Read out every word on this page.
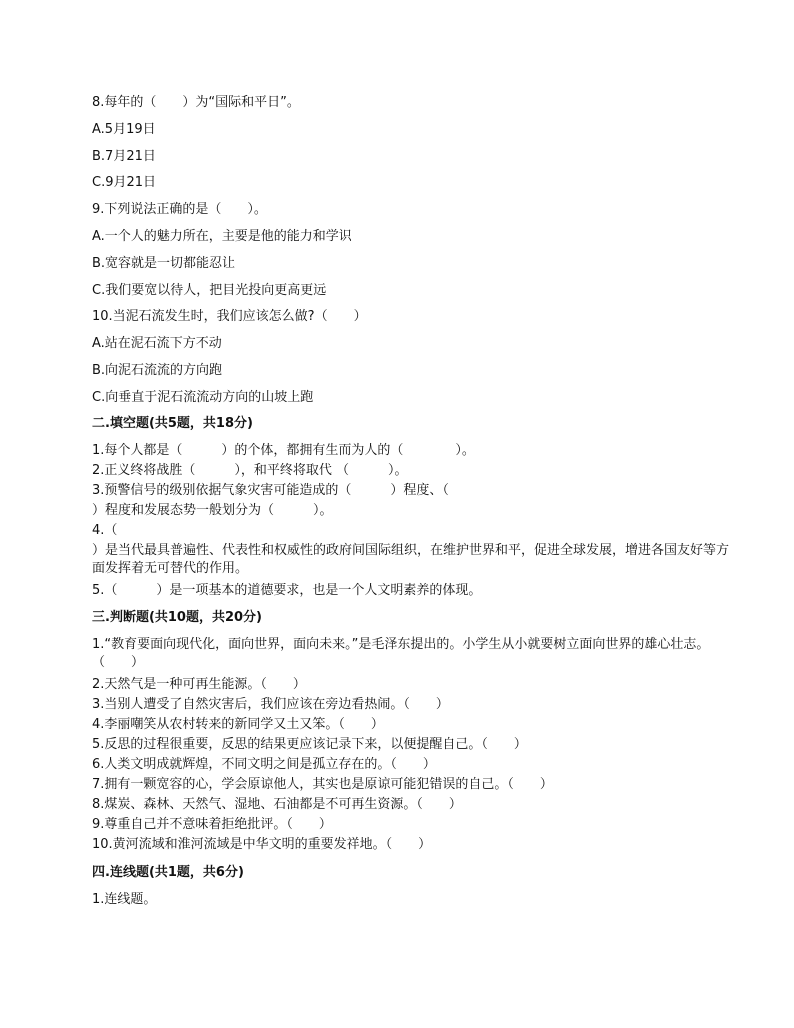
8.每年的（　　）为“国际和平日”。
A.5月19日
B.7月21日
C.9月21日
9.下列说法正确的是（　　）。
A.一个人的魅力所在，主要是他的能力和学识
B.宽容就是一切都能忍让
C.我们要宽以待人，把目光投向更高更远
10.当泥石流发生时，我们应该怎么做?（　　）
A.站在泥石流下方不动
B.向泥石流流的方向跑
C.向垂直于泥石流流动方向的山坡上跑
二.填空题(共5题，共18分)
1.每个人都是（　　　）的个体，都拥有生而为人的（　　　　）。
2.正义终将战胜（　　　），和平终将取代 （　　　）。
3.预警信号的级别依据气象灾害可能造成的（　　　）程度、（
）程度和发展态势一般划分为（　　　）。
4.（
）是当代最具普遍性、代表性和权威性的政府间国际组织，在维护世界和平，促进全球发展，增进各国友好等方面发挥着无可替代的作用。
5.（　　　）是一项基本的道德要求，也是一个人文明素养的体现。
三.判断题(共10题，共20分)
1.“教育要面向现代化，面向世界，面向未来。”是毛泽东提出的。小学生从小就要树立面向世界的雄心壮志。（　　）
2.天然气是一种可再生能源。（　　）
3.当别人遭受了自然灾害后，我们应该在旁边看热闹。（　　）
4.李丽嘲笑从农村转来的新同学又土又笨。（　　）
5.反思的过程很重要，反思的结果更应该记录下来，以便提醒自己。（　　）
6.人类文明成就辉煌，不同文明之间是孤立存在的。（　　）
7.拥有一颗宽容的心，学会原谅他人，其实也是原谅可能犯错误的自己。（　　）
8.煤炭、森林、天然气、湿地、石油都是不可再生资源。（　　）
9.尊重自己并不意味着拒绝批评。（　　）
10.黄河流域和淮河流域是中华文明的重要发祥地。（　　）
四.连线题(共1题，共6分)
1.连线题。
